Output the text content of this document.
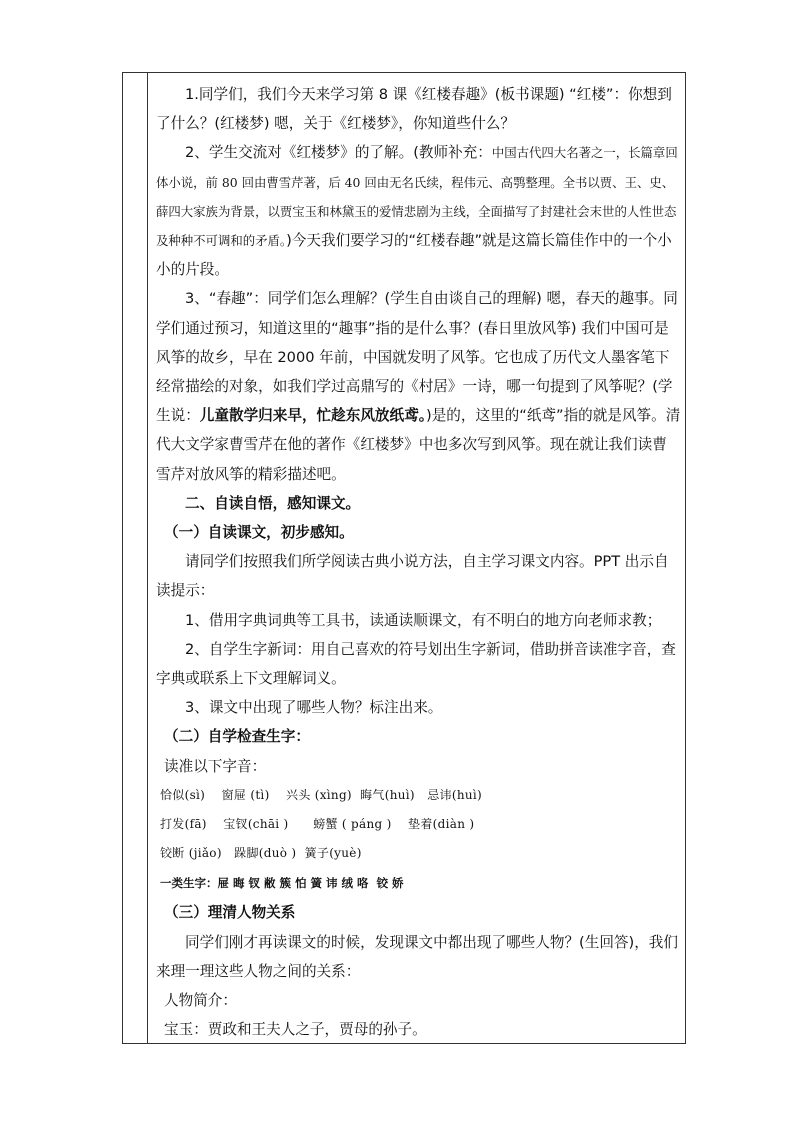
1.同学们，我们今天来学习第 8 课《红楼春趣》(板书课题) “红楼”：你想到了什么？(红楼梦) 嗯，关于《红楼梦》，你知道些什么？

2、学生交流对《红楼梦》的了解。(教师补充：中国古代四大名著之一，长篇章回体小说，前 80 回由曹雪芹著，后 40 回由无名氏续，程伟元、高鹗整理。全书以贾、王、史、薛四大家族为背景，以贾宝玉和林黛玉的爱情悲剧为主线，全面描写了封建社会末世的人性世态及种种不可调和的矛盾。)今天我们要学习的“红楼春趣”就是这篇长篇佳作中的一个小小的片段。

3、“春趣”：同学们怎么理解？(学生自由谈自己的理解) 嗯，春天的趣事。同学们通过预习，知道这里的“趣事”指的是什么事？(春日里放风筝) 我们中国可是风筝的故乡，早在 2000 年前，中国就发明了风筝。它也成了历代文人墨客笔下经常描绘的对象，如我们学过高鼎写的《村居》一诗，哪一句提到了风筝呢？(学生说：儿童散学归来早，忙趁东风放纸鸢。)是的，这里的“纸鸢”指的就是风筝。清代大文学家曹雪芹在他的著作《红楼梦》中也多次写到风筝。现在就让我们读曹雪芹对放风筝的精彩描述吧。

二、自读自悟，感知课文。

（一）自读课文，初步感知。

请同学们按照我们所学阅读古典小说方法，自主学习课文内容。PPT 出示自读提示：

1、借用字典词典等工具书，读通读顺课文，有不明白的地方向老师求教；

2、自学生字新词：用自己喜欢的符号划出生字新词，借助拼音读准字音，查字典或联系上下文理解词义。

3、课文中出现了哪些人物？标注出来。

（二）自学检查生字：

读准以下字音：

恰似(sì)    窗屉 (tì)    兴头 (xìng)  晦气(huì)   忌讳(huì)
打发(fā)    宝钗(chāi )      螃蟹 ( páng )    垫着(diàn )
铰断 (jiǎo)   跺脚(duò )  簧子(yuè)
一类生字：屉 晦 钗 敝 簇 怕 簧 讳 绒 咯  铰 娇

（三）理清人物关系

同学们刚才再读课文的时候，发现课文中都出现了哪些人物？(生回答)，我们来理一理这些人物之间的关系：

人物简介：

宝玉：贾政和王夫人之子，贾母的孙子。
